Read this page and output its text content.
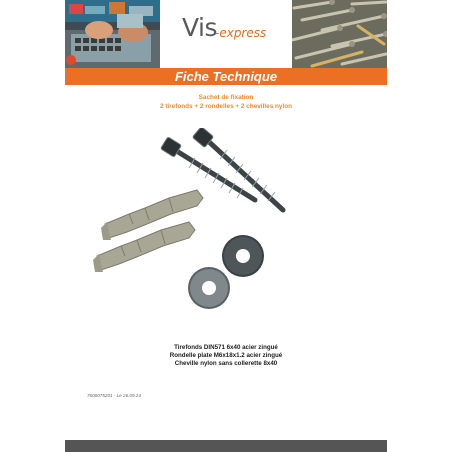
Vis
-express
Fiche Technique
Sachet de fixation
2 tirefonds + 2 rondelles + 2 chevilles nylon
Tirefonds DIN571 6x40 acier zingué
Rondelle plate M6x18x1.2 acier zingué
Cheville nylon sans collerette 8x40
7600075201 - Le 26.09.24
